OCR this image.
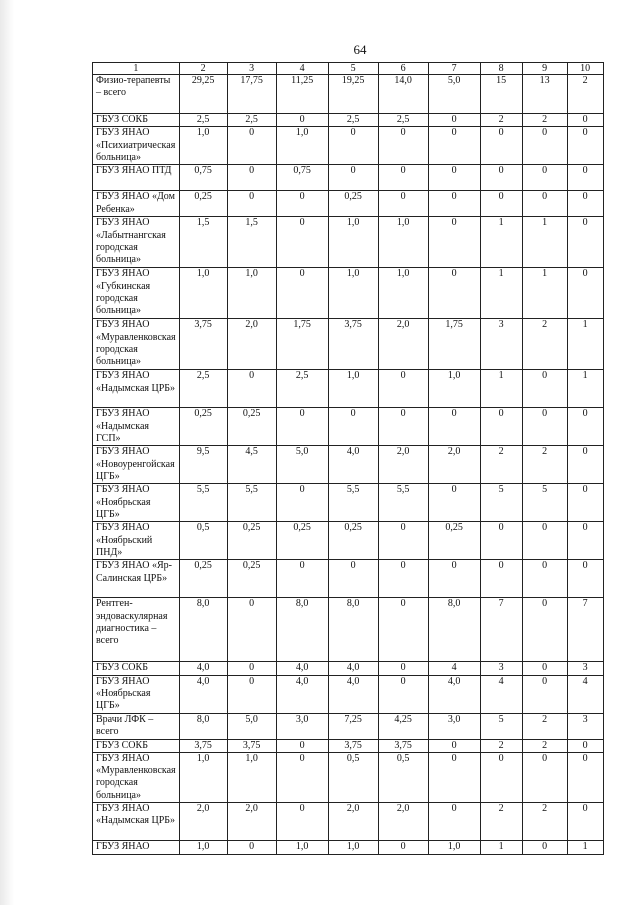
64
1	2	3	4	5	6	7	8	9	10
Физио-терапевты – всего	29,25	17,75	11,25	19,25	14,0	5,0	15	13	2
ГБУЗ СОКБ	2,5	2,5	0	2,5	2,5	0	2	2	0
ГБУЗ ЯНАО «Психиатрическая больница»	1,0	0	1,0	0	0	0	0	0	0
ГБУЗ ЯНАО ПТД	0,75	0	0,75	0	0	0	0	0	0
ГБУЗ ЯНАО «Дом Ребенка»	0,25	0	0	0,25	0	0	0	0	0
ГБУЗ ЯНАО «Лабытнангская городская больница»	1,5	1,5	0	1,0	1,0	0	1	1	0
ГБУЗ ЯНАО «Губкинская городская больница»	1,0	1,0	0	1,0	1,0	0	1	1	0
ГБУЗ ЯНАО «Муравленковская городская больница»	3,75	2,0	1,75	3,75	2,0	1,75	3	2	1
ГБУЗ ЯНАО «Надымская ЦРБ»	2,5	0	2,5	1,0	0	1,0	1	0	1
ГБУЗ ЯНАО «Надымская ГСП»	0,25	0,25	0	0	0	0	0	0	0
ГБУЗ ЯНАО «Новоуренгойская ЦГБ»	9,5	4,5	5,0	4,0	2,0	2,0	2	2	0
ГБУЗ ЯНАО «Ноябрьская ЦГБ»	5,5	5,5	0	5,5	5,5	0	5	5	0
ГБУЗ ЯНАО «Ноябрьский ПНД»	0,5	0,25	0,25	0,25	0	0,25	0	0	0
ГБУЗ ЯНАО «Яр-Салинская ЦРБ»	0,25	0,25	0	0	0	0	0	0	0
Рентген-эндоваскулярная диагностика – всего	8,0	0	8,0	8,0	0	8,0	7	0	7
ГБУЗ СОКБ	4,0	0	4,0	4,0	0	4	3	0	3
ГБУЗ ЯНАО «Ноябрьская ЦГБ»	4,0	0	4,0	4,0	0	4,0	4	0	4
Врачи ЛФК – всего	8,0	5,0	3,0	7,25	4,25	3,0	5	2	3
ГБУЗ СОКБ	3,75	3,75	0	3,75	3,75	0	2	2	0
ГБУЗ ЯНАО «Муравленковская городская больница»	1,0	1,0	0	0,5	0,5	0	0	0	0
ГБУЗ ЯНАО «Надымская ЦРБ»	2,0	2,0	0	2,0	2,0	0	2	2	0
ГБУЗ ЯНАО	1,0	0	1,0	1,0	0	1,0	1	0	1
